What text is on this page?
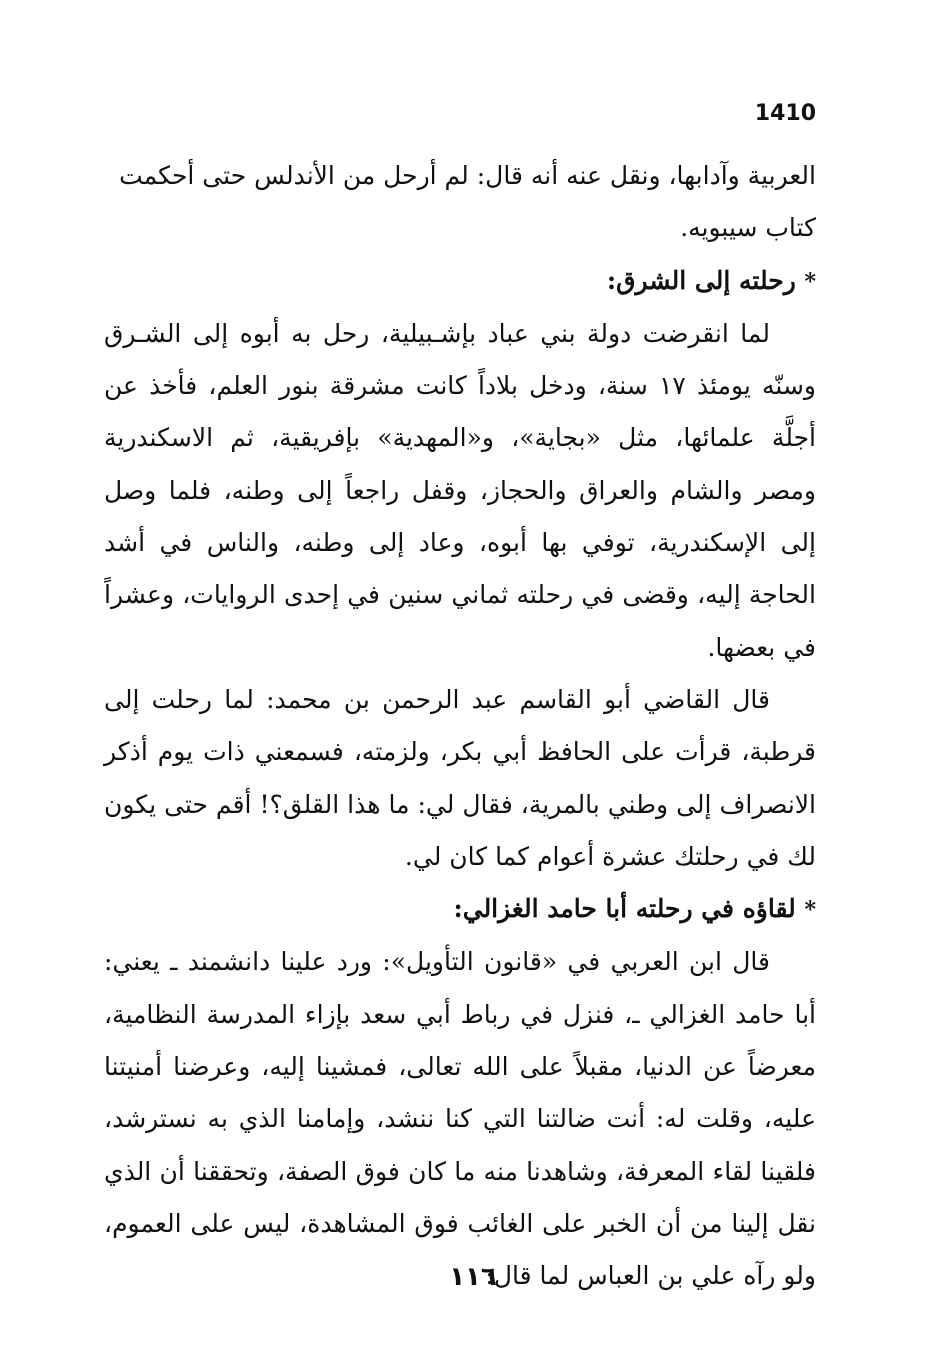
1410

العربية وآدابها، ونقل عنه أنه قال: لم أرحل من الأندلس حتى أحكمت كتاب سيبويه.

* رحلته إلى الشرق:

لما انقرضت دولة بني عباد بإشـبيلية، رحل به أبوه إلى الشـرق وسنّه يومئذ ١٧ سنة، ودخل بلاداً كانت مشرقة بنور العلم، فأخذ عن أجلَّة علمائها، مثل «بجاية»، و«المهدية» بإفريقية، ثم الاسكندرية ومصر والشام والعراق والحجاز، وقفل راجعاً إلى وطنه، فلما وصل إلى الإسكندرية، توفي بها أبوه، وعاد إلى وطنه، والناس في أشد الحاجة إليه، وقضى في رحلته ثماني سنين في إحدى الروايات، وعشراً في بعضها.

قال القاضي أبو القاسم عبد الرحمن بن محمد: لما رحلت إلى قرطبة، قرأت على الحافظ أبي بكر، ولزمته، فسمعني ذات يوم أذكر الانصراف إلى وطني بالمرية، فقال لي: ما هذا القلق؟! أقم حتى يكون لك في رحلتك عشرة أعوام كما كان لي.

* لقاؤه في رحلته أبا حامد الغزالي:

قال ابن العربي في «قانون التأويل»: ورد علينا دانشمند ـ يعني: أبا حامد الغزالي ـ، فنزل في رباط أبي سعد بإزاء المدرسة النظامية، معرضاً عن الدنيا، مقبلاً على الله تعالى، فمشينا إليه، وعرضنا أمنيتنا عليه، وقلت له: أنت ضالتنا التي كنا ننشد، وإمامنا الذي به نسترشد، فلقينا لقاء المعرفة، وشاهدنا منه ما كان فوق الصفة، وتحققنا أن الذي نقل إلينا من أن الخبر على الغائب فوق المشاهدة، ليس على العموم، ولو رآه علي بن العباس لما قال:

١١٦
